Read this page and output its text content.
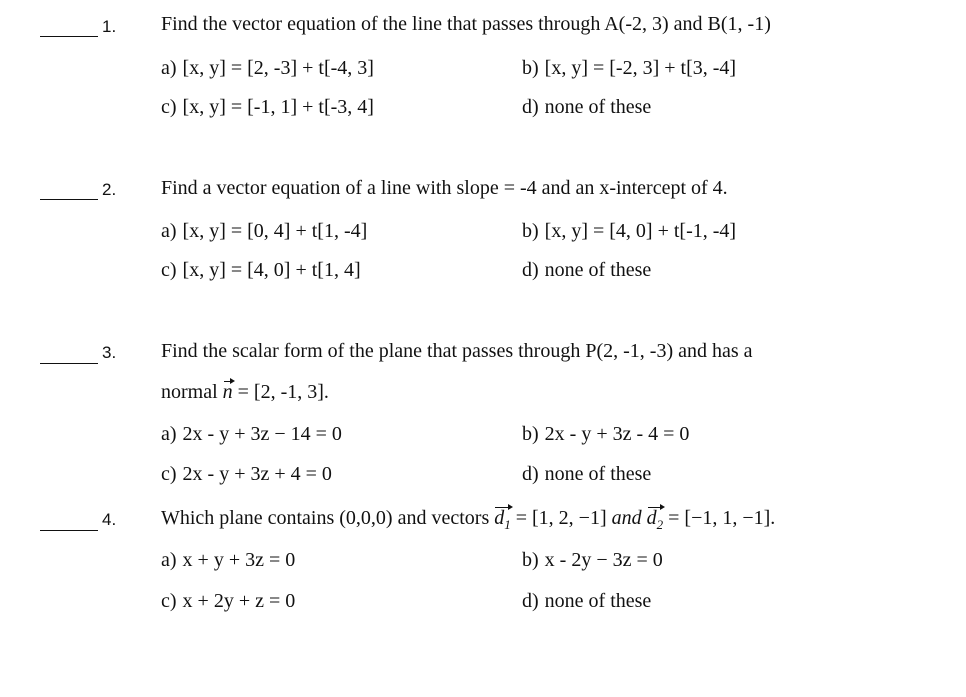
1. Find the vector equation of the line that passes through A(-2, 3) and B(1, -1)
a) [x, y] = [2, -3] + t[-4, 3]	b) [x, y] = [-2, 3] + t[3, -4]
c) [x, y] = [-1, 1] + t[-3, 4]	d) none of these
2. Find a vector equation of a line with slope = -4 and an x-intercept of 4.
a) [x, y] = [0, 4] + t[1, -4]	b) [x, y] = [4, 0] + t[-1, -4]
c) [x, y] = [4, 0] + t[1, 4]	d) none of these
3. Find the scalar form of the plane that passes through P(2, -1, -3) and has a
normal n = [2, -1, 3].
a) 2x - y + 3z − 14 = 0	b) 2x - y + 3z - 4 = 0
c) 2x - y + 3z + 4 = 0	d) none of these
4. Which plane contains (0,0,0) and vectors $d_1 = [1$, 2, −1] and $d_2 = [-1$, 1, −1].
a) x + y + 3z = 0	b) x - 2y − 3z = 0
c) x + 2y + z = 0	d) none of these
